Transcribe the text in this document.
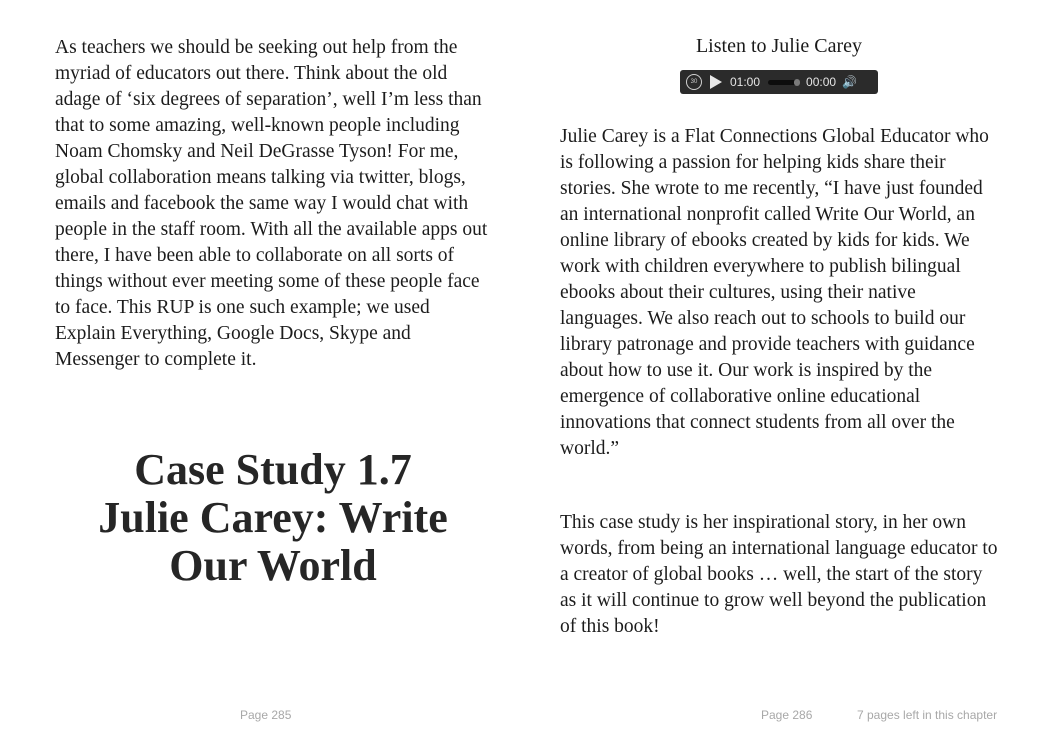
As teachers we should be seeking out help from the myriad of educators out there. Think about the old adage of ‘six degrees of separation’, well I’m less than that to some amazing, well-known people including Noam Chomsky and Neil DeGrasse Tyson! For me, global collaboration means talking via twitter, blogs, emails and facebook the same way I would chat with people in the staff room. With all the available apps out there, I have been able to collaborate on all sorts of things without ever meeting some of these people face to face. This RUP is one such example; we used Explain Everything, Google Docs, Skype and Messenger to complete it.

Case Study 1.7
Julie Carey: Write
Our World
Page 285

Listen to Julie Carey

30	01:00	00:00 🔊

Julie Carey is a Flat Connections Global Educator who is following a passion for helping kids share their stories. She wrote to me recently, “I have just founded an international nonprofit called Write Our World, an online library of ebooks created by kids for kids. We work with children everywhere to publish bilingual ebooks about their cultures, using their native languages. We also reach out to schools to build our library patronage and provide teachers with guidance about how to use it. Our work is inspired by the emergence of collaborative online educational innovations that connect students from all over the world.”

This case study is her inspirational story, in her own words, from being an international language educator to a creator of global books … well, the start of the story as it will continue to grow well beyond the publication of this book!

Page 286	7 pages left in this chapter
